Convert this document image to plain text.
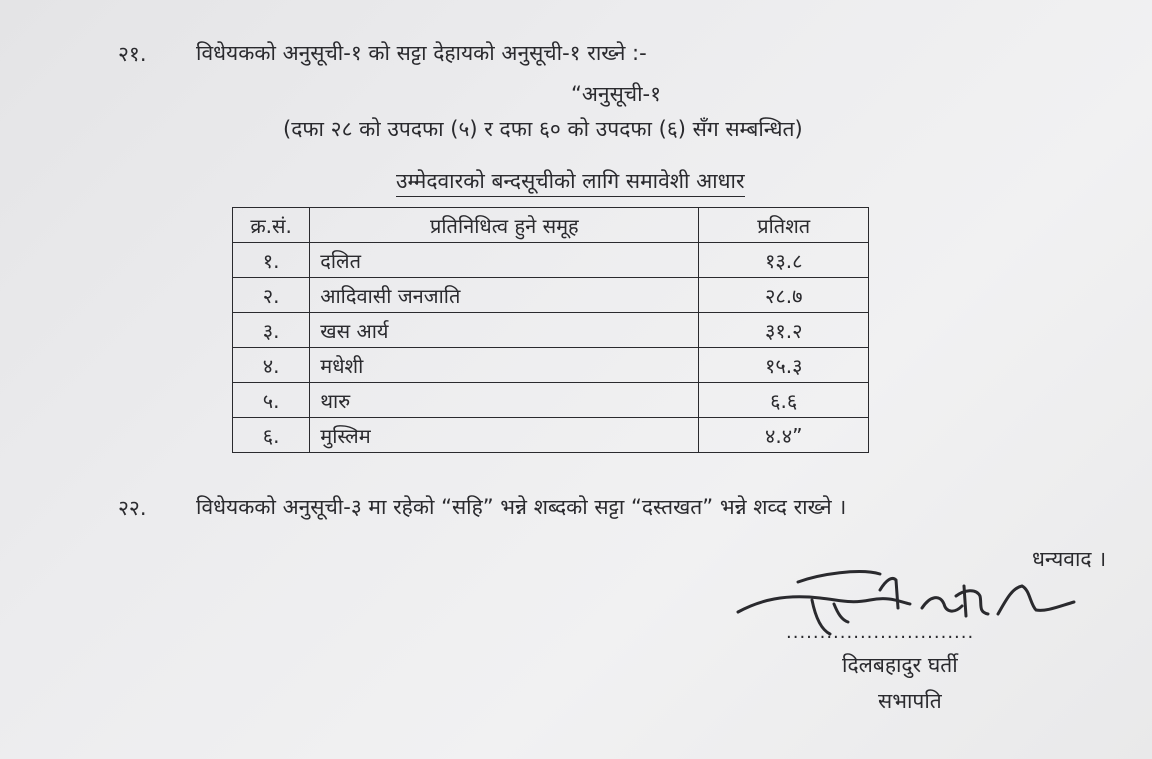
२१. विधेयकको अनुसूची-१ को सट्टा देहायको अनुसूची-१ राख्ने :-
“अनुसूची-१
(दफा २८ को उपदफा (५) र दफा ६० को उपदफा (६) सँग सम्बन्धित)
उम्मेदवारको बन्दसूचीको लागि समावेशी आधार
क्र.सं.	प्रतिनिधित्व हुने समूह	प्रतिशत
१.	दलित	१३.८
२.	आदिवासी जनजाति	२८.७
३.	खस आर्य	३१.२
४.	मधेशी	१५.३
५.	थारु	६.६
६.	मुस्लिम	४.४”
२२. विधेयकको अनुसूची-३ मा रहेको “सहि” भन्ने शब्दको सट्टा “दस्तखत” भन्ने शव्द राख्ने ।
धन्यवाद ।
............................
दिलबहादुर घर्ती
सभापति
